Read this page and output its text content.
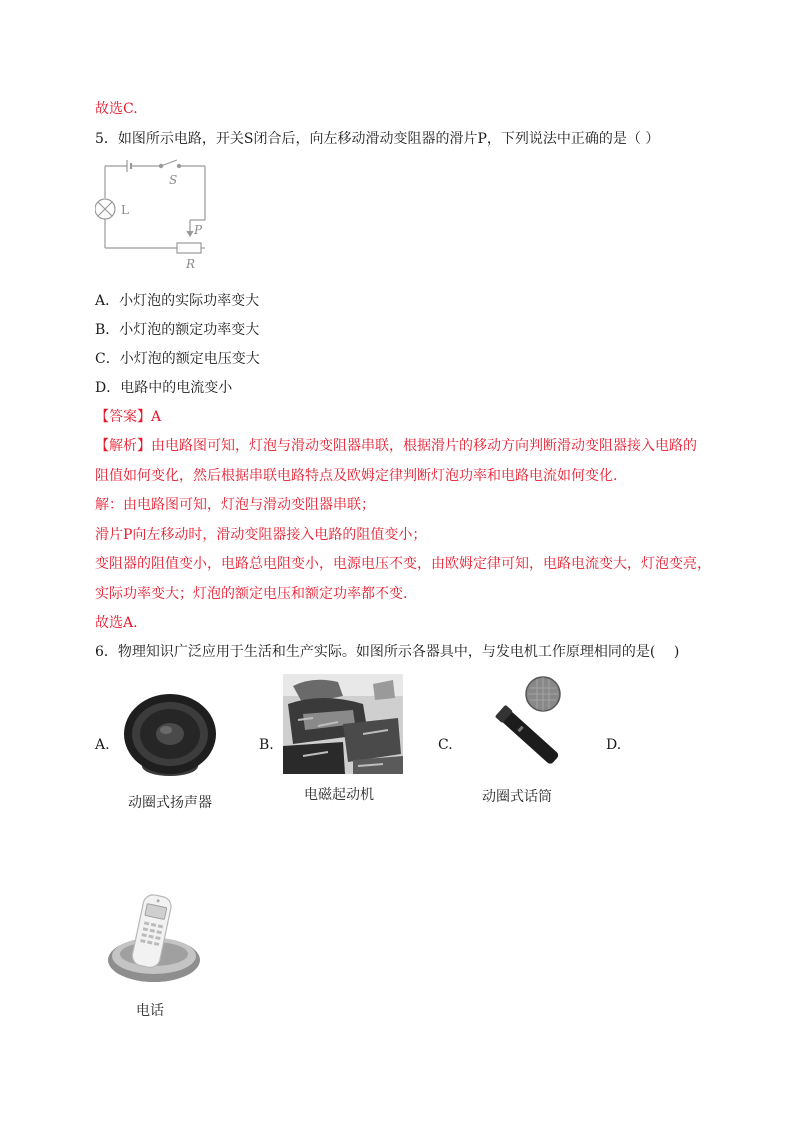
故选C.
5．如图所示电路，开关S闭合后，向左移动滑动变阻器的滑片P，下列说法中正确的是（ ）
S
L
P
R
A．小灯泡的实际功率变大
B．小灯泡的额定功率变大
C．小灯泡的额定电压变大
D．电路中的电流变小
【答案】A
【解析】由电路图可知，灯泡与滑动变阻器串联，根据滑片的移动方向判断滑动变阻器接入电路的
阻值如何变化，然后根据串联电路特点及欧姆定律判断灯泡功率和电路电流如何变化.
解：由电路图可知，灯泡与滑动变阻器串联；
滑片P向左移动时，滑动变阻器接入电路的阻值变小；
变阻器的阻值变小，电路总电阻变小，电源电压不变，由欧姆定律可知，电路电流变大，灯泡变亮，
实际功率变大；灯泡的额定电压和额定功率都不变.
故选A.
6．物理知识广泛应用于生活和生产实际。如图所示各器具中，与发电机工作原理相同的是(　 )
A.	B.	C.	D.
动圈式扬声器	电磁起动机	动圈式话筒
电话
